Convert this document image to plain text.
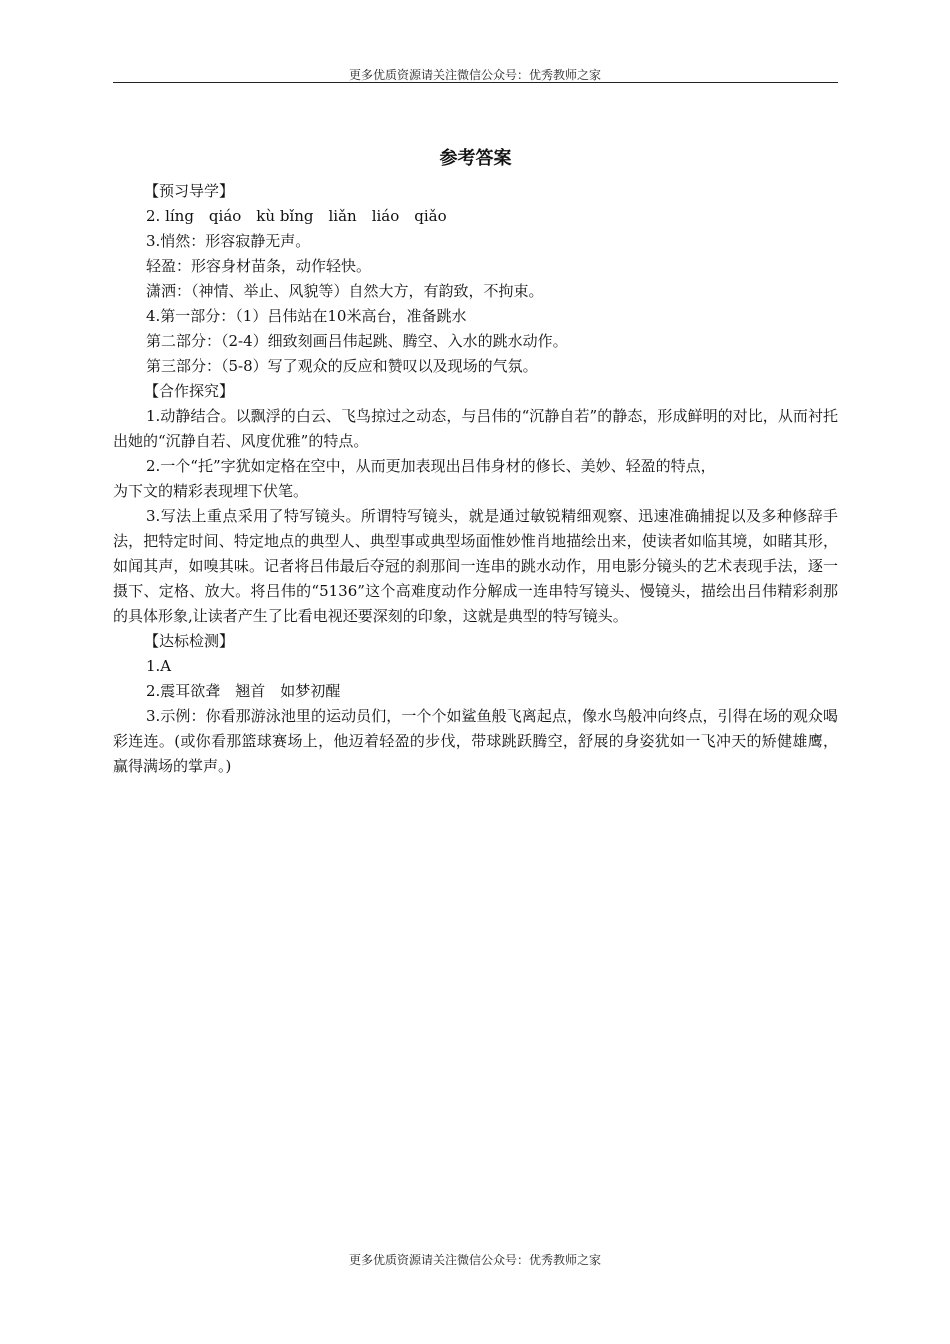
更多优质资源请关注微信公众号：优秀教师之家
参考答案
【预习导学】
2. líng　qiáo　kù bǐng　liǎn　liáo　qiǎo
3.悄然：形容寂静无声。
轻盈：形容身材苗条，动作轻快。
潇洒：（神情、举止、风貌等）自然大方，有韵致，不拘束。
4.第一部分：（1）吕伟站在10米高台，准备跳水
第二部分：（2-4）细致刻画吕伟起跳、腾空、入水的跳水动作。
第三部分：（5-8）写了观众的反应和赞叹以及现场的气氛。
【合作探究】

1.动静结合。以飘浮的白云、飞鸟掠过之动态，与吕伟的“沉静自若”的静态，形成鲜明的对比，从而衬托出她的“沉静自若、风度优雅”的特点。

2.一个“托”字犹如定格在空中，从而更加表现出吕伟身材的修长、美妙、轻盈的特点，

为下文的精彩表现埋下伏笔。

3.写法上重点采用了特写镜头。所谓特写镜头，就是通过敏锐精细观察、迅速准确捕捉以及多种修辞手法，把特定时间、特定地点的典型人、典型事或典型场面惟妙惟肖地描绘出来，使读者如临其境，如睹其形，如闻其声，如嗅其味。记者将吕伟最后夺冠的刹那间一连串的跳水动作，用电影分镜头的艺术表现手法，逐一摄下、定格、放大。将吕伟的“5136”这个高难度动作分解成一连串特写镜头、慢镜头，描绘出吕伟精彩刹那的具体形象,让读者产生了比看电视还要深刻的印象，这就是典型的特写镜头。

【达标检测】
1.A
2.震耳欲聋　翘首　如梦初醒

3.示例：你看那游泳池里的运动员们，一个个如鲨鱼般飞离起点，像水鸟般冲向终点，引得在场的观众喝彩连连。(或你看那篮球赛场上，他迈着轻盈的步伐，带球跳跃腾空，舒展的身姿犹如一飞冲天的矫健雄鹰，赢得满场的掌声。)

更多优质资源请关注微信公众号：优秀教师之家
